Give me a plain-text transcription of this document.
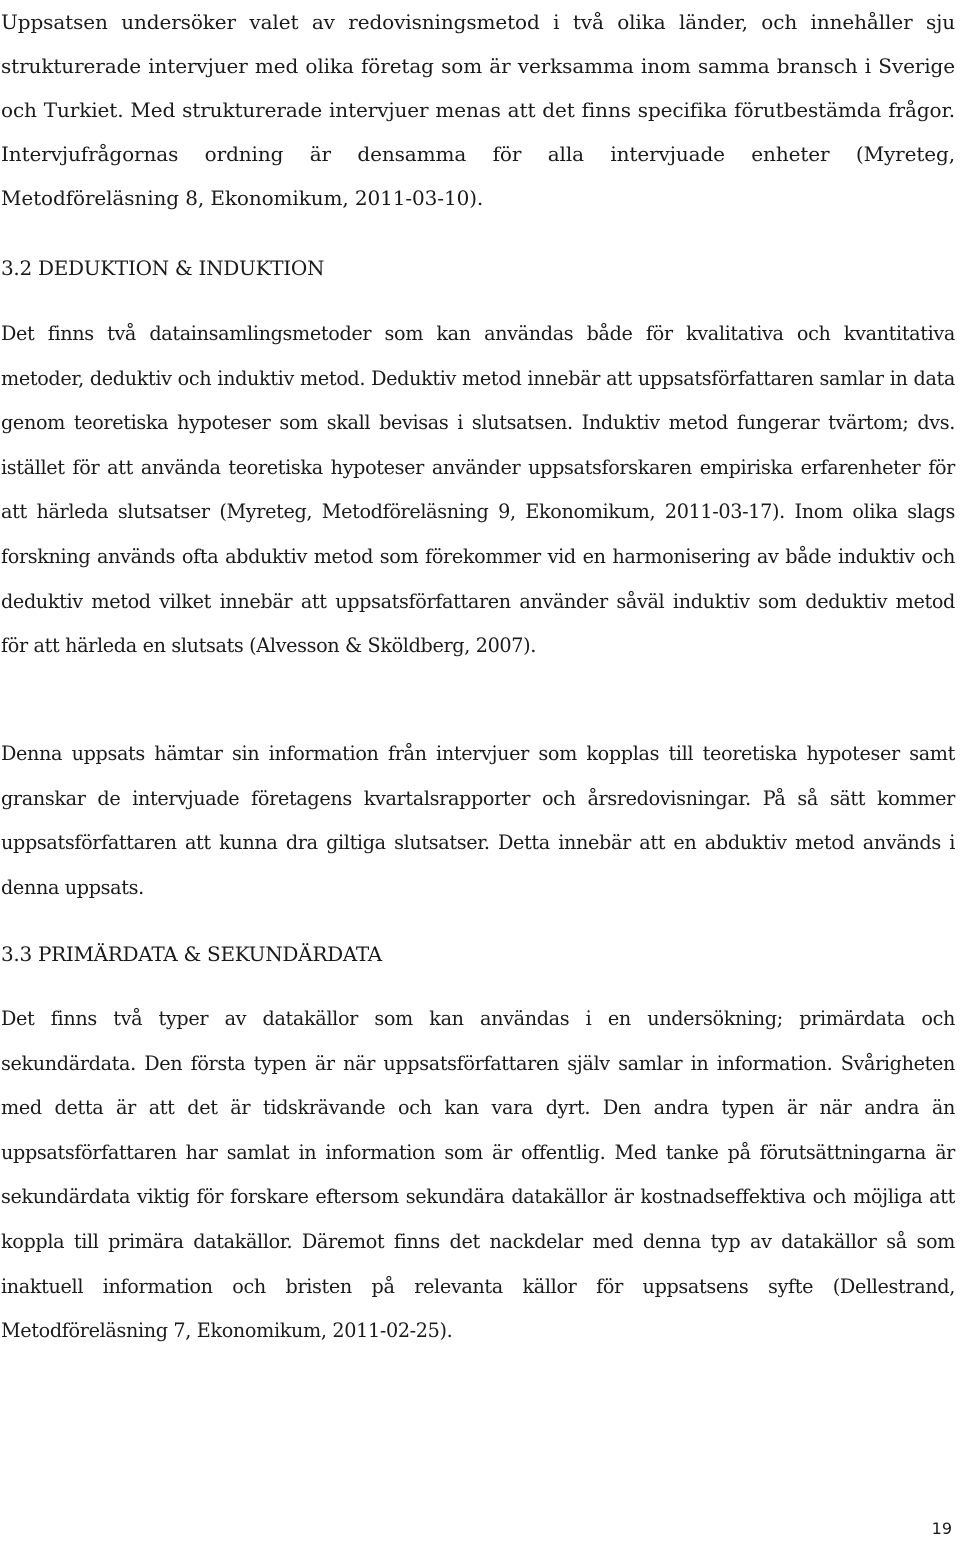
Uppsatsen undersöker valet av redovisningsmetod i två olika länder, och innehåller sju strukturerade intervjuer med olika företag som är verksamma inom samma bransch i Sverige och Turkiet. Med strukturerade intervjuer menas att det finns specifika förutbestämda frågor. Intervjufrågornas ordning är densamma för alla intervjuade enheter (Myreteg, Metodföreläsning 8, Ekonomikum, 2011-03-10).

3.2 DEDUKTION & INDUKTION

Det finns två datainsamlingsmetoder som kan användas både för kvalitativa och kvantitativa metoder, deduktiv och induktiv metod. Deduktiv metod innebär att uppsatsförfattaren samlar in data genom teoretiska hypoteser som skall bevisas i slutsatsen. Induktiv metod fungerar tvärtom; dvs. istället för att använda teoretiska hypoteser använder uppsatsforskaren empiriska erfarenheter för att härleda slutsatser (Myreteg, Metodföreläsning 9, Ekonomikum, 2011-03-17). Inom olika slags forskning används ofta abduktiv metod som förekommer vid en harmonisering av både induktiv och deduktiv metod vilket innebär att uppsatsförfattaren använder såväl induktiv som deduktiv metod för att härleda en slutsats (Alvesson & Sköldberg, 2007).

Denna uppsats hämtar sin information från intervjuer som kopplas till teoretiska hypoteser samt granskar de intervjuade företagens kvartalsrapporter och årsredovisningar. På så sätt kommer uppsatsförfattaren att kunna dra giltiga slutsatser. Detta innebär att en abduktiv metod används i denna uppsats.

3.3 PRIMÄRDATA & SEKUNDÄRDATA

Det finns två typer av datakällor som kan användas i en undersökning; primärdata och sekundärdata. Den första typen är när uppsatsförfattaren själv samlar in information. Svårigheten med detta är att det är tidskrävande och kan vara dyrt. Den andra typen är när andra än uppsatsförfattaren har samlat in information som är offentlig. Med tanke på förutsättningarna är sekundärdata viktig för forskare eftersom sekundära datakällor är kostnadseffektiva och möjliga att koppla till primära datakällor. Däremot finns det nackdelar med denna typ av datakällor så som inaktuell information och bristen på relevanta källor för uppsatsens syfte (Dellestrand, Metodföreläsning 7, Ekonomikum, 2011-02-25).

19
